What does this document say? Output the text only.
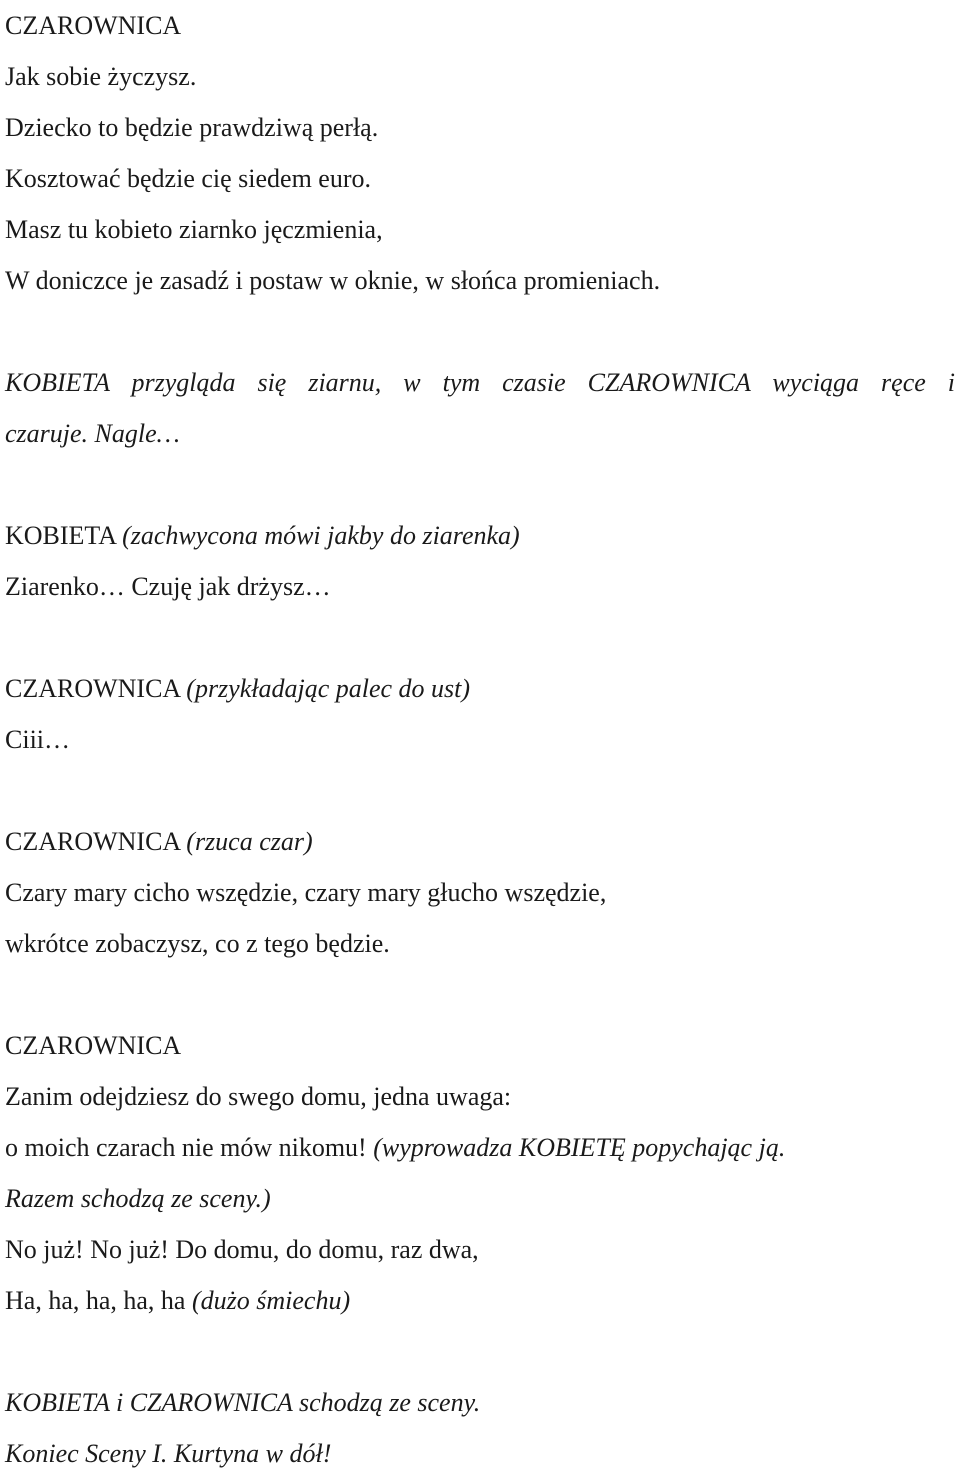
CZAROWNICA
Jak sobie życzysz.
Dziecko to będzie prawdziwą perłą.
Kosztować będzie cię siedem euro.
Masz tu kobieto ziarnko jęczmienia,
W doniczce je zasadź i postaw w oknie, w słońca promieniach.
KOBIETA przygląda się ziarnu, w tym czasie CZAROWNICA wyciąga ręce i
czaruje. Nagle…
KOBIETA (zachwycona mówi jakby do ziarenka)
Ziarenko… Czuję jak drżysz…
CZAROWNICA (przykładając palec do ust)
Ciii…
CZAROWNICA (rzuca czar)
Czary mary cicho wszędzie, czary mary głucho wszędzie,
wkrótce zobaczysz, co z tego będzie.
CZAROWNICA
Zanim odejdziesz do swego domu, jedna uwaga:
o moich czarach nie mów nikomu! (wyprowadza KOBIETĘ popychając ją.
Razem schodzą ze sceny.)
No już! No już! Do domu, do domu, raz dwa,
Ha, ha, ha, ha, ha (dużo śmiechu)
KOBIETA i CZAROWNICA schodzą ze sceny.
Koniec Sceny I. Kurtyna w dół!
